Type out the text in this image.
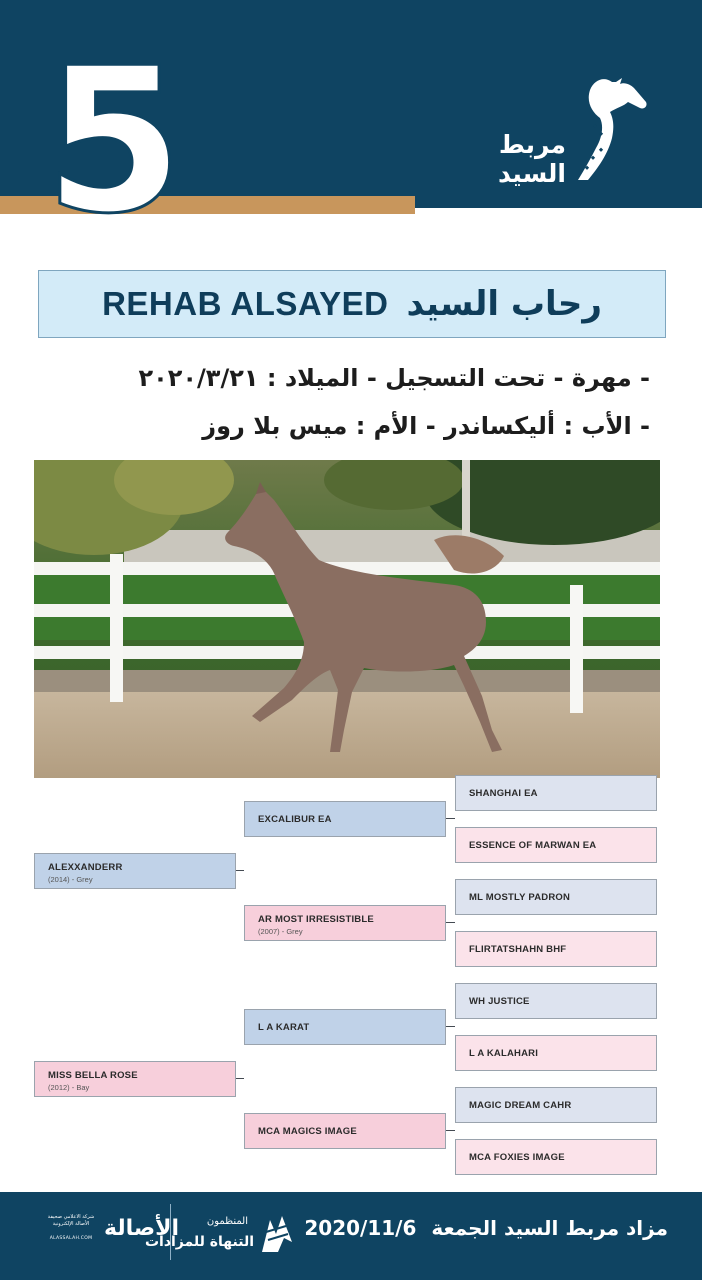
5	مربط السيد
REHAB ALSAYED رحاب السيد
- مهرة - تحت التسجيل - الميلاد : ٢٠٢٠/٣/٢١
- الأب : أليكساندر - الأم : ميس بلا روز
ALEXXANDERR
(2014) - Grey
MISS BELLA ROSE
(2012) - Bay
EXCALIBUR EA
AR MOST IRRESISTIBLE
(2007) - Grey
L A KARAT
MCA MAGICS IMAGE
SHANGHAI EA
ESSENCE OF MARWAN EA
ML MOSTLY PADRON
FLIRTATSHAHN BHF
WH JUSTICE
L A KALAHARI
MAGIC DREAM CAHR
MCA FOXIES IMAGE
مزاد مربط السيد الجمعة 2020/11/6
المنظمون
التنهاة للمزادات
شركة الاعلامي صحيفة الأصالة الإلكترونية
ALASSALAH.COM الأصالة
